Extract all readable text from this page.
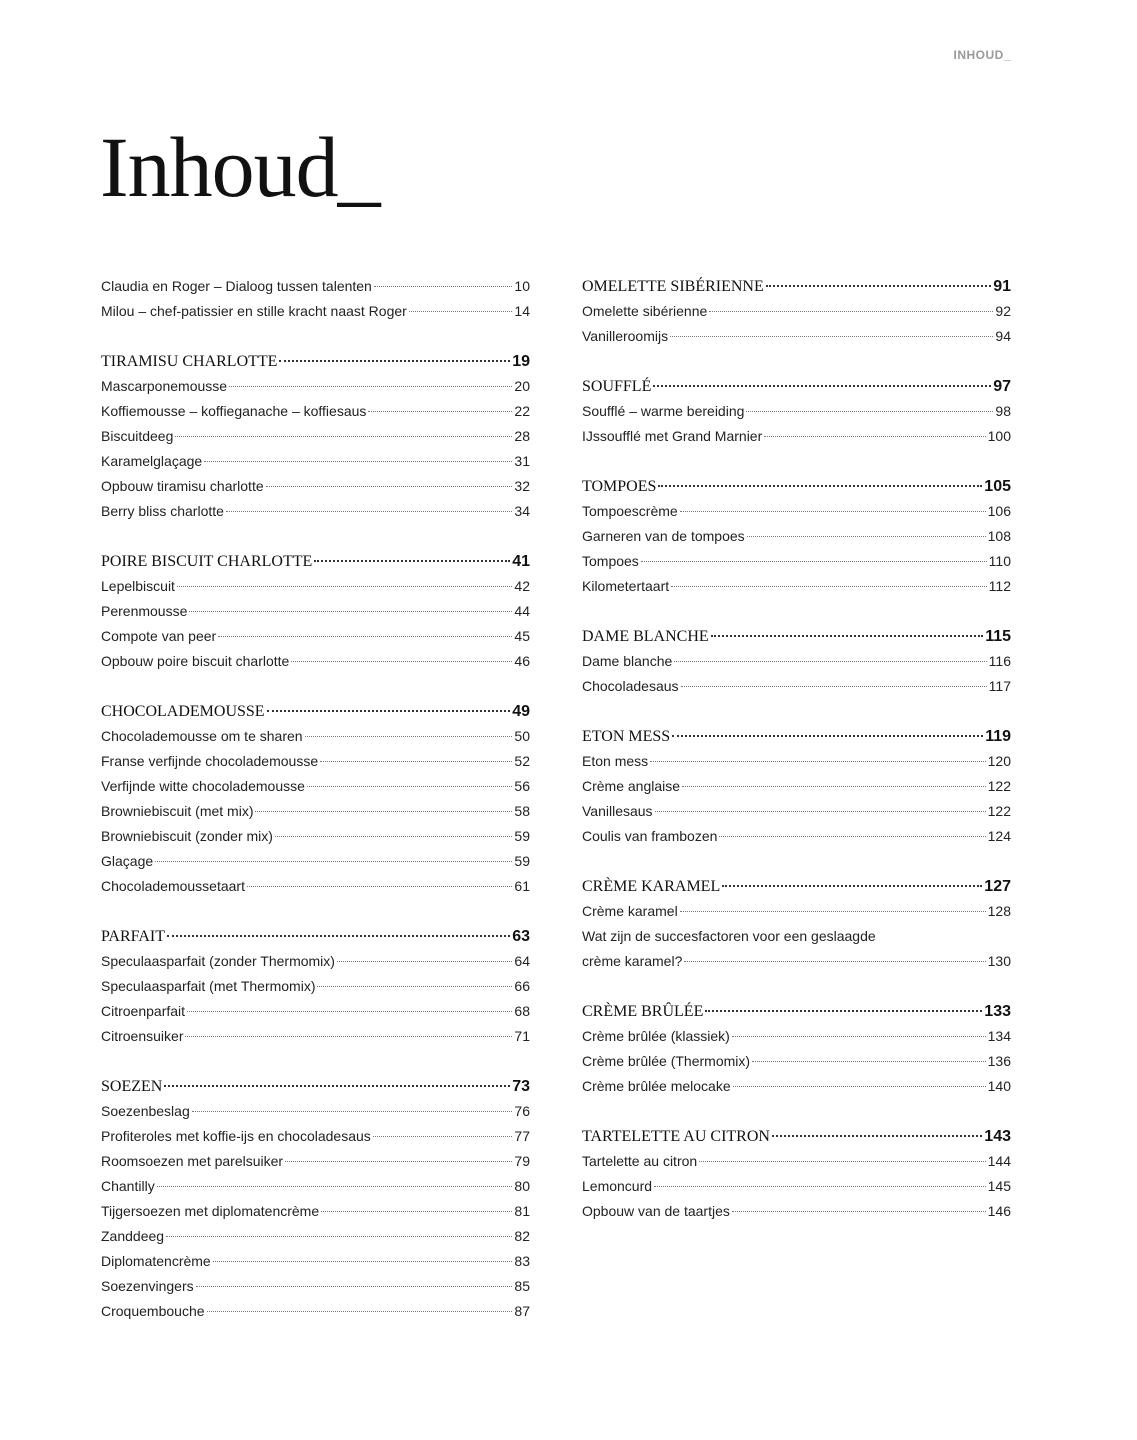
INHOUD_
Inhoud_
Claudia en Roger – Dialoog tussen talenten	10
Milou – chef-patissier en stille kracht naast Roger	14
TIRAMISU CHARLOTTE	19
Mascarponemousse	20
Koffiemousse – koffieganache – koffiesaus	22
Biscuitdeeg	28
Karamelglaçage	31
Opbouw tiramisu charlotte	32
Berry bliss charlotte	34
POIRE BISCUIT CHARLOTTE	41
Lepelbiscuit	42
Perenmousse	44
Compote van peer	45
Opbouw poire biscuit charlotte	46
CHOCOLADEMOUSSE	49
Chocolademousse om te sharen	50
Franse verfijnde chocolademousse	52
Verfijnde witte chocolademousse	56
Browniebiscuit (met mix)	58
Browniebiscuit (zonder mix)	59
Glaçage	59
Chocolademoussetaart	61
PARFAIT	63
Speculaasparfait (zonder Thermomix)	64
Speculaasparfait (met Thermomix)	66
Citroenparfait	68
Citroensuiker	71
SOEZEN	73
Soezenbeslag	76
Profiteroles met koffie-ijs en chocoladesaus	77
Roomsoezen met parelsuiker	79
Chantilly	80
Tijgersoezen met diplomatencrème	81
Zanddeeg	82
Diplomatencrème	83
Soezenvingers	85
Croquembouche	87
OMELETTE SIBÉRIENNE	91
Omelette sibérienne	92
Vanilleroomijs	94
SOUFFLÉ	97
Soufflé – warme bereiding	98
IJssoufflé met Grand Marnier	100
TOMPOES	105
Tompoescrème	106
Garneren van de tompoes	108
Tompoes	110
Kilometertaart	112
DAME BLANCHE	115
Dame blanche	116
Chocoladesaus	117
ETON MESS	119
Eton mess	120
Crème anglaise	122
Vanillesaus	122
Coulis van frambozen	124
CRÈME KARAMEL	127
Crème karamel	128
Wat zijn de succesfactoren voor een geslaagde
crème karamel?	130
CRÈME BRÛLÉE	133
Crème brûlée (klassiek)	134
Crème brûlée (Thermomix)	136
Crème brûlée melocake	140
TARTELETTE AU CITRON	143
Tartelette au citron	144
Lemoncurd	145
Opbouw van de taartjes	146
